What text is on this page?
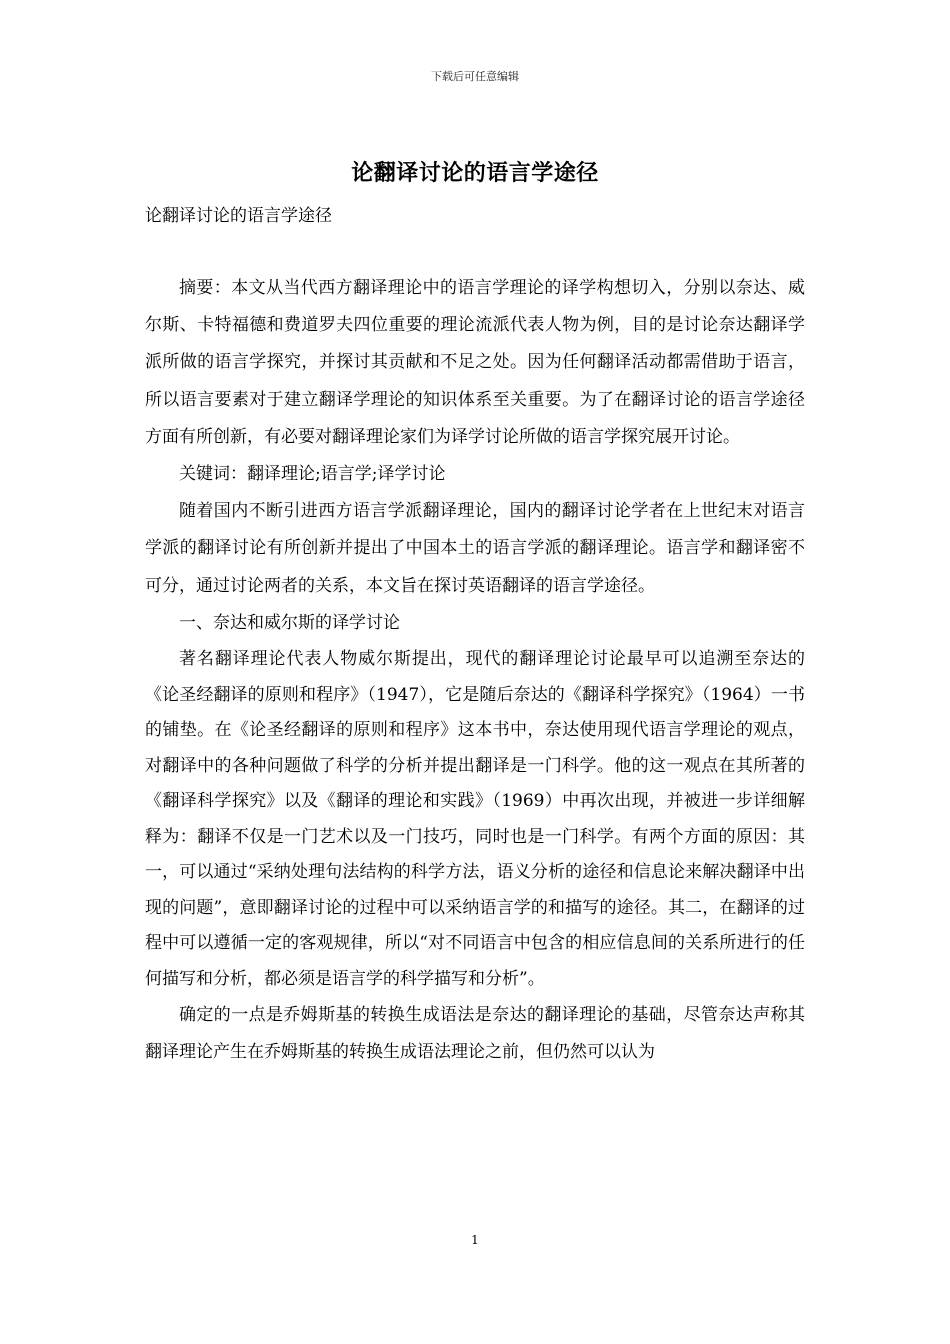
下载后可任意编辑
论翻译讨论的语言学途径
论翻译讨论的语言学途径

摘要：本文从当代西方翻译理论中的语言学理论的译学构想切入，分别以奈达、威尔斯、卡特福德和费道罗夫四位重要的理论流派代表人物为例，目的是讨论奈达翻译学派所做的语言学探究，并探讨其贡献和不足之处。因为任何翻译活动都需借助于语言，所以语言要素对于建立翻译学理论的知识体系至关重要。为了在翻译讨论的语言学途径方面有所创新，有必要对翻译理论家们为译学讨论所做的语言学探究展开讨论。

关键词：翻译理论;语言学;译学讨论

随着国内不断引进西方语言学派翻译理论，国内的翻译讨论学者在上世纪末对语言学派的翻译讨论有所创新并提出了中国本土的语言学派的翻译理论。语言学和翻译密不可分，通过讨论两者的关系，本文旨在探讨英语翻译的语言学途径。

一、奈达和威尔斯的译学讨论

著名翻译理论代表人物威尔斯提出，现代的翻译理论讨论最早可以追溯至奈达的《论圣经翻译的原则和程序》（1947），它是随后奈达的《翻译科学探究》（1964）一书的铺垫。在《论圣经翻译的原则和程序》这本书中，奈达使用现代语言学理论的观点，对翻译中的各种问题做了科学的分析并提出翻译是一门科学。他的这一观点在其所著的《翻译科学探究》以及《翻译的理论和实践》（1969）中再次出现，并被进一步详细解释为：翻译不仅是一门艺术以及一门技巧，同时也是一门科学。有两个方面的原因：其一，可以通过“采纳处理句法结构的科学方法，语义分析的途径和信息论来解决翻译中出现的问题”，意即翻译讨论的过程中可以采纳语言学的和描写的途径。其二，在翻译的过程中可以遵循一定的客观规律，所以“对不同语言中包含的相应信息间的关系所进行的任何描写和分析，都必须是语言学的科学描写和分析”。

确定的一点是乔姆斯基的转换生成语法是奈达的翻译理论的基础，尽管奈达声称其翻译理论产生在乔姆斯基的转换生成语法理论之前，但仍然可以认为

1
